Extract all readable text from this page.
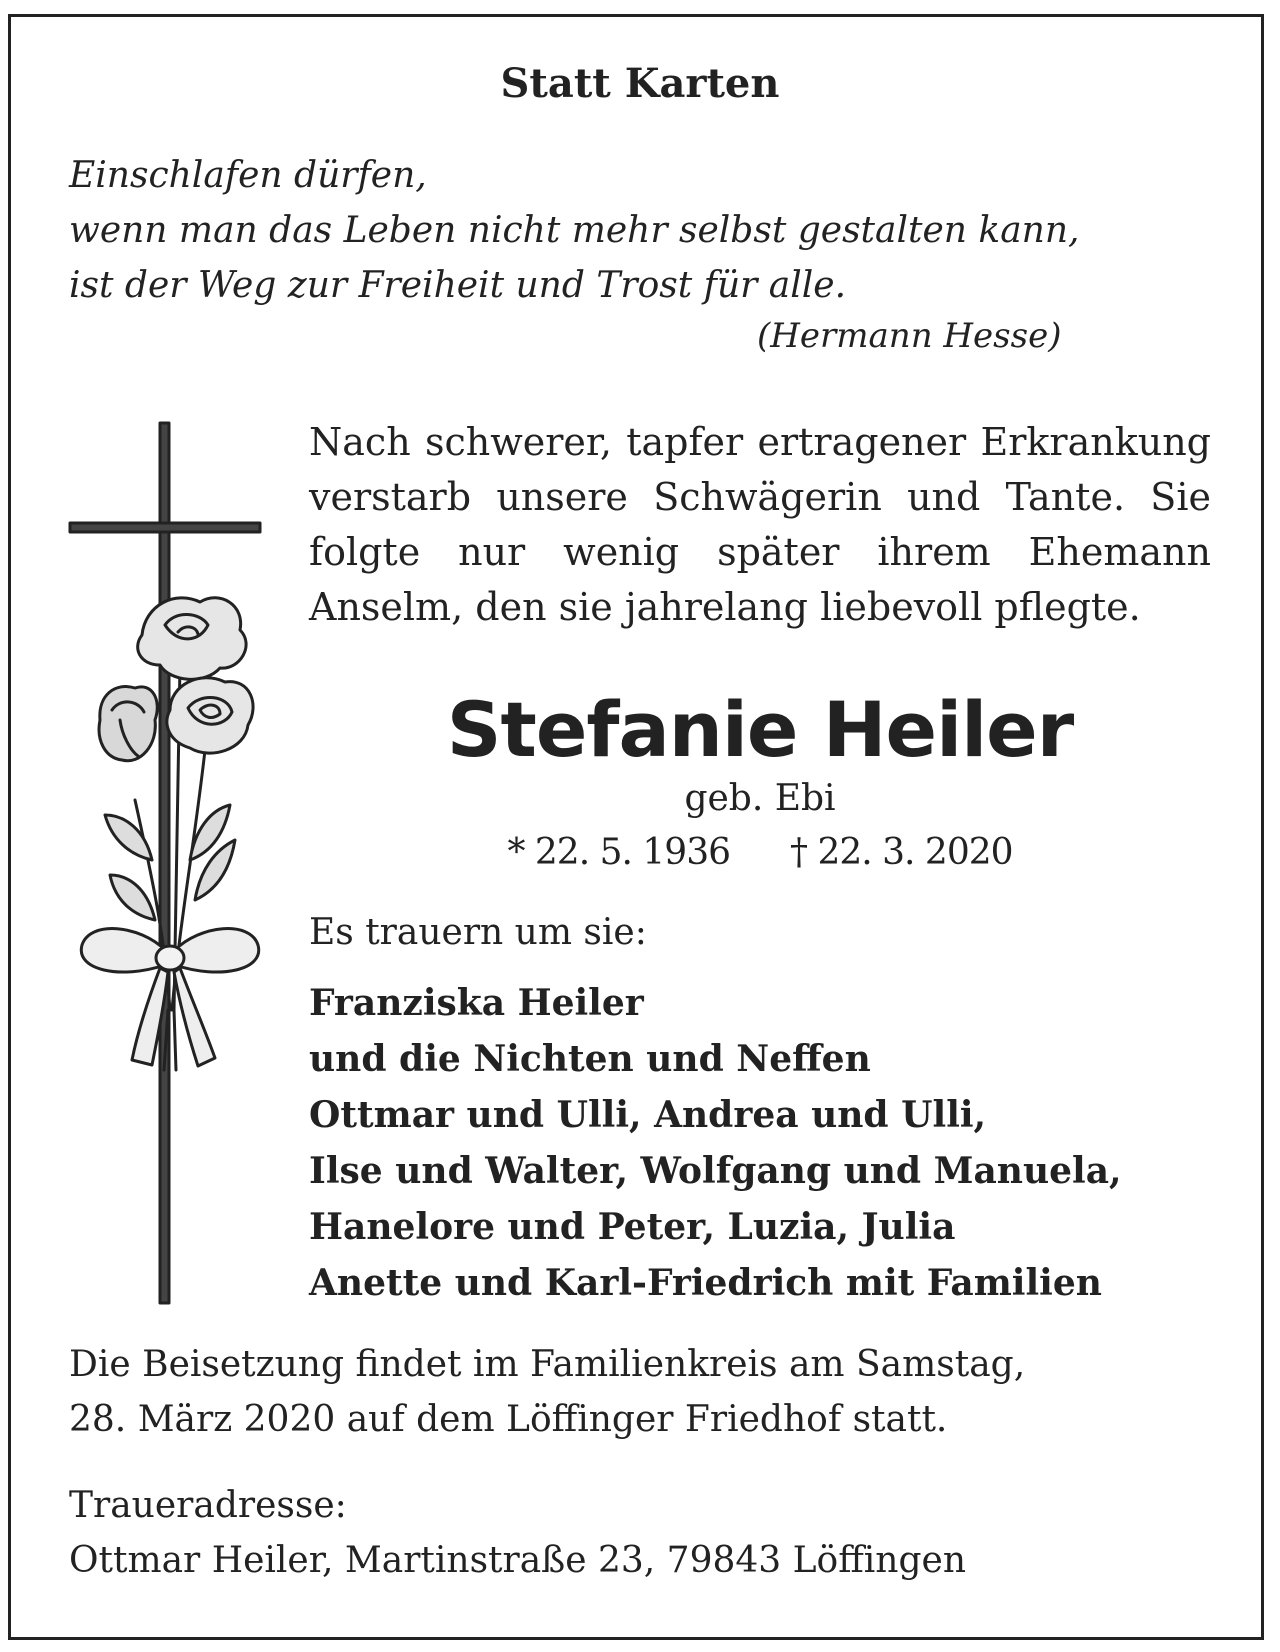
Statt Karten

Einschlafen dürfen,

wenn man das Leben nicht mehr selbst gestalten kann,

ist der Weg zur Freiheit und Trost für alle.

(Hermann Hesse)

Nach schwerer, tapfer ertragener Erkrankung
verstarb unsere Schwägerin und Tante. Sie
folgte nur wenig später ihrem Ehemann
Anselm, den sie jahrelang liebevoll pflegte.

Stefanie Heiler

geb. Ebi

* 22. 5. 1936 † 22. 3. 2020

Es trauern um sie:

Franziska Heiler
und die Nichten und Neffen
Ottmar und Ulli, Andrea und Ulli,
Ilse und Walter, Wolfgang und Manuela,
Hanelore und Peter, Luzia, Julia
Anette und Karl-Friedrich mit Familien
Die Beisetzung findet im Familienkreis am Samstag,
28. März 2020 auf dem Löffinger Friedhof statt.
Traueradresse:
Ottmar Heiler, Martinstraße 23, 79843 Löffingen
